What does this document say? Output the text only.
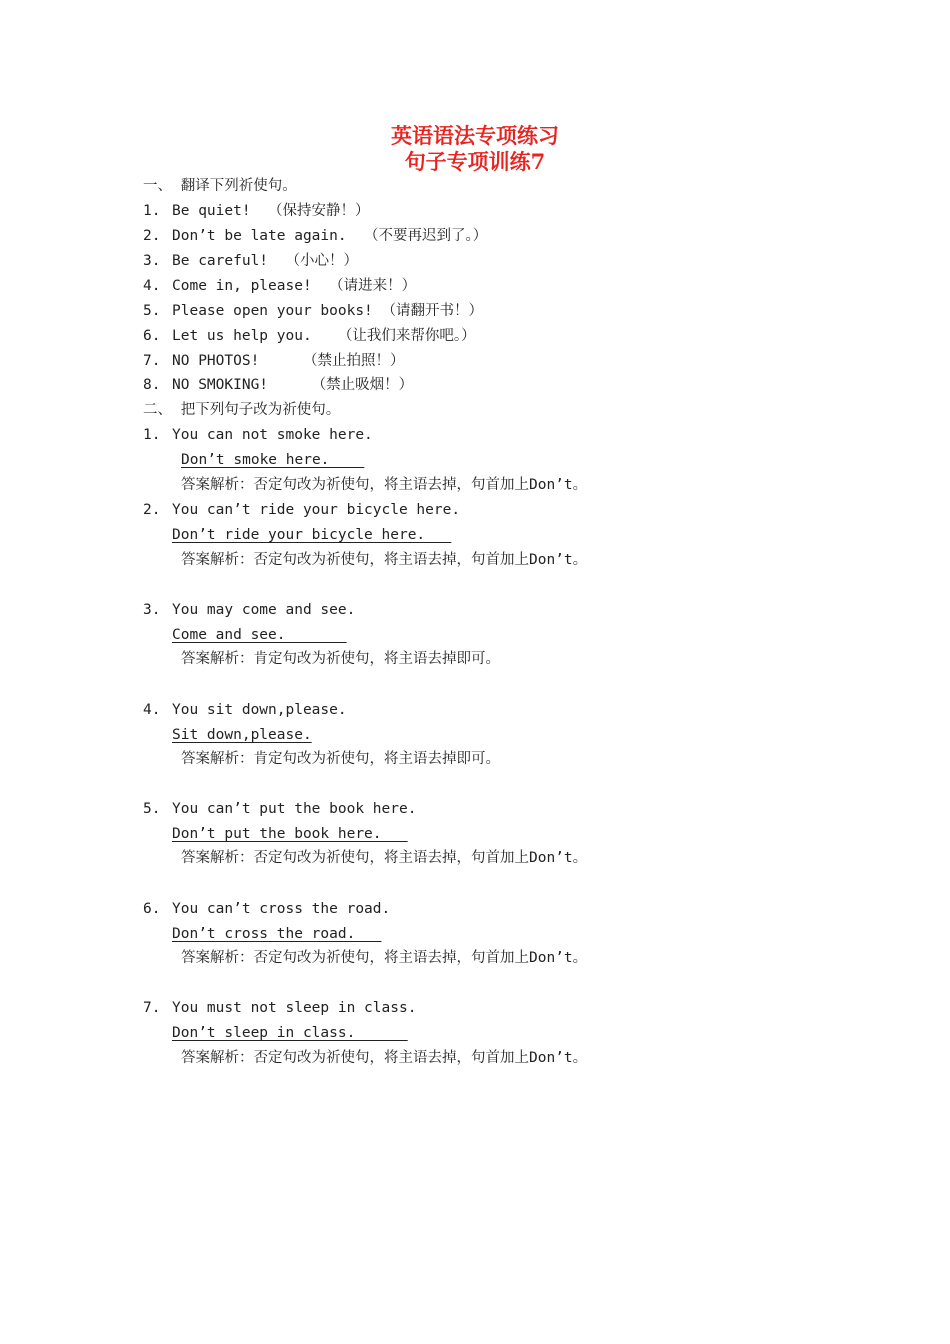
英语语法专项练习
句子专项训练7
一、 翻译下列祈使句。
1. Be quiet!  （保持安静！）
2. Don’t be late again.  （不要再迟到了。）
3. Be careful!  （小心！）
4. Come in, please!  （请进来！）
5. Please open your books! （请翻开书！）
6. Let us help you.   （让我们来帮你吧。）
7. NO PHOTOS!     （禁止拍照！）
8. NO SMOKING!     （禁止吸烟！）
二、 把下列句子改为祈使句。
1. You can not smoke here.
Don’t smoke here.
答案解析：否定句改为祈使句，将主语去掉，句首加上Don’t。
2. You can’t ride your bicycle here.
Don’t ride your bicycle here.
答案解析：否定句改为祈使句，将主语去掉，句首加上Don’t。
3. You may come and see.
Come and see.
答案解析：肯定句改为祈使句，将主语去掉即可。
4. You sit down,please.
Sit down,please.
答案解析：肯定句改为祈使句，将主语去掉即可。
5. You can’t put the book here.
Don’t put the book here.
答案解析：否定句改为祈使句，将主语去掉，句首加上Don’t。
6. You can’t cross the road.
Don’t cross the road.
答案解析：否定句改为祈使句，将主语去掉，句首加上Don’t。
7. You must not sleep in class.
Don’t sleep in class.
答案解析：否定句改为祈使句，将主语去掉，句首加上Don’t。
